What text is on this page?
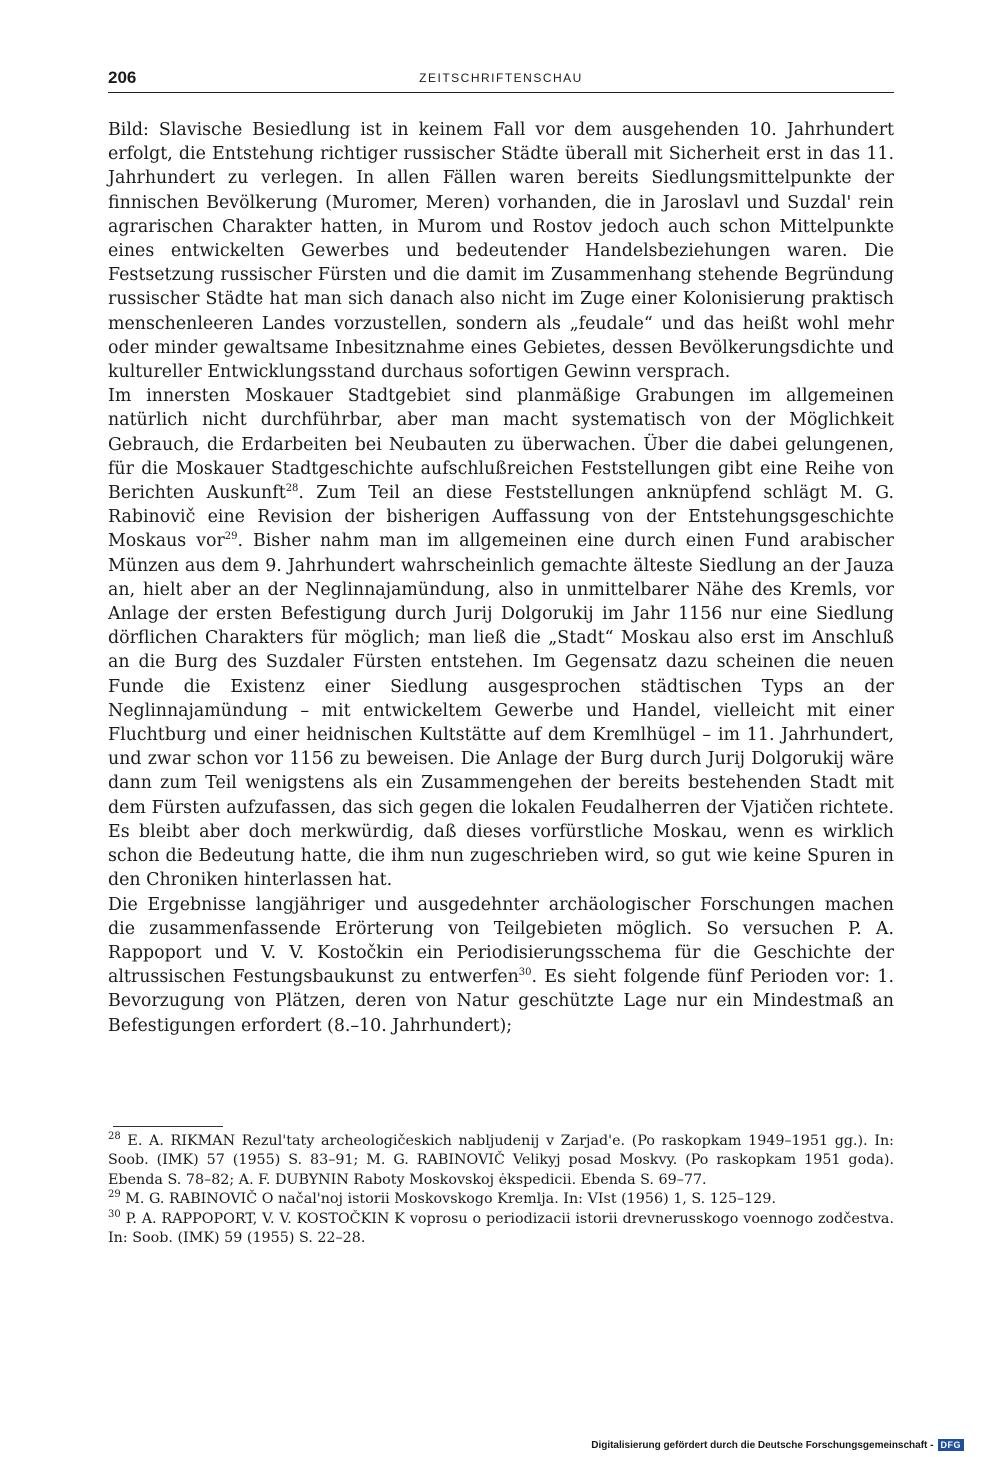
206	ZEITSCHRIFTENSCHAU

Bild: Slavische Besiedlung ist in keinem Fall vor dem ausgehenden 10. Jahrhundert erfolgt, die Entstehung richtiger russischer Städte überall mit Sicherheit erst in das 11. Jahrhundert zu verlegen. In allen Fällen waren bereits Siedlungsmittelpunkte der finnischen Bevölkerung (Muromer, Meren) vorhanden, die in Jaroslavl und Suzdal' rein agrarischen Charakter hatten, in Murom und Rostov jedoch auch schon Mittelpunkte eines entwickelten Gewerbes und bedeutender Handelsbeziehungen waren. Die Festsetzung russischer Fürsten und die damit im Zusammenhang stehende Begründung russischer Städte hat man sich danach also nicht im Zuge einer Kolonisierung praktisch menschenleeren Landes vorzustellen, sondern als „feudale“ und das heißt wohl mehr oder minder gewaltsame Inbesitznahme eines Gebietes, dessen Bevölkerungsdichte und kultureller Entwicklungsstand durchaus sofortigen Gewinn versprach.

Im innersten Moskauer Stadtgebiet sind planmäßige Grabungen im allgemeinen natürlich nicht durchführbar, aber man macht systematisch von der Möglichkeit Gebrauch, die Erdarbeiten bei Neubauten zu überwachen. Über die dabei gelungenen, für die Moskauer Stadtgeschichte aufschlußreichen Feststellungen gibt eine Reihe von Berichten Auskunft$^{28}$. Zum Teil an diese Feststellungen anknüpfend schlägt M. G. Rabinovič eine Revision der bisherigen Auffassung von der Entstehungsgeschichte Moskaus vor$^{29}$. Bisher nahm man im allgemeinen eine durch einen Fund arabischer Münzen aus dem 9. Jahrhundert wahrscheinlich gemachte älteste Siedlung an der Jauza an, hielt aber an der Neglinnajamündung, also in unmittelbarer Nähe des Kremls, vor Anlage der ersten Befestigung durch Jurij Dolgorukij im Jahr 1156 nur eine Siedlung dörflichen Charakters für möglich; man ließ die „Stadt“ Moskau also erst im Anschluß an die Burg des Suzdaler Fürsten entstehen. Im Gegensatz dazu scheinen die neuen Funde die Existenz einer Siedlung ausgesprochen städtischen Typs an der Neglinnajamündung – mit entwickeltem Gewerbe und Handel, vielleicht mit einer Fluchtburg und einer heidnischen Kultstätte auf dem Kremlhügel – im 11. Jahrhundert, und zwar schon vor 1156 zu beweisen. Die Anlage der Burg durch Jurij Dolgorukij wäre dann zum Teil wenigstens als ein Zusammengehen der bereits bestehenden Stadt mit dem Fürsten aufzufassen, das sich gegen die lokalen Feudalherren der Vjatičen richtete. Es bleibt aber doch merkwürdig, daß dieses vorfürstliche Moskau, wenn es wirklich schon die Bedeutung hatte, die ihm nun zugeschrieben wird, so gut wie keine Spuren in den Chroniken hinterlassen hat.

Die Ergebnisse langjähriger und ausgedehnter archäologischer Forschungen machen die zusammenfassende Erörterung von Teilgebieten möglich. So versuchen P. A. Rappoport und V. V. Kostočkin ein Periodisierungsschema für die Geschichte der altrussischen Festungsbaukunst zu entwerfen$^{30}$. Es sieht folgende fünf Perioden vor: 1. Bevorzugung von Plätzen, deren von Natur geschützte Lage nur ein Mindestmaß an Befestigungen erfordert (8.–10. Jahrhundert);

$^{28}$ E. A. RIKMAN Rezul'taty archeologičeskich nabljudenij v Zarjad'e. (Po raskopkam 1949–1951 gg.). In: Soob. (IMK) 57 (1955) S. 83–91; M. G. RABINOVIČ Velikyj posad Moskvy. (Po raskopkam 1951 goda). Ebenda S. 78–82; A. F. DUBYNIN Raboty Moskovskoj ėkspedicii. Ebenda S. 69–77.

$^{29}$ M. G. RABINOVIČ O načal'noj istorii Moskovskogo Kremlja. In: VIst (1956) 1, S. 125–129.

$^{30}$ P. A. RAPPOPORT, V. V. KOSTOČKIN K voprosu o periodizacii istorii drevnerusskogo voennogo zodčestva. In: Soob. (IMK) 59 (1955) S. 22–28.

Digitalisierung gefördert durch die Deutsche Forschungsgemeinschaft - DFG
